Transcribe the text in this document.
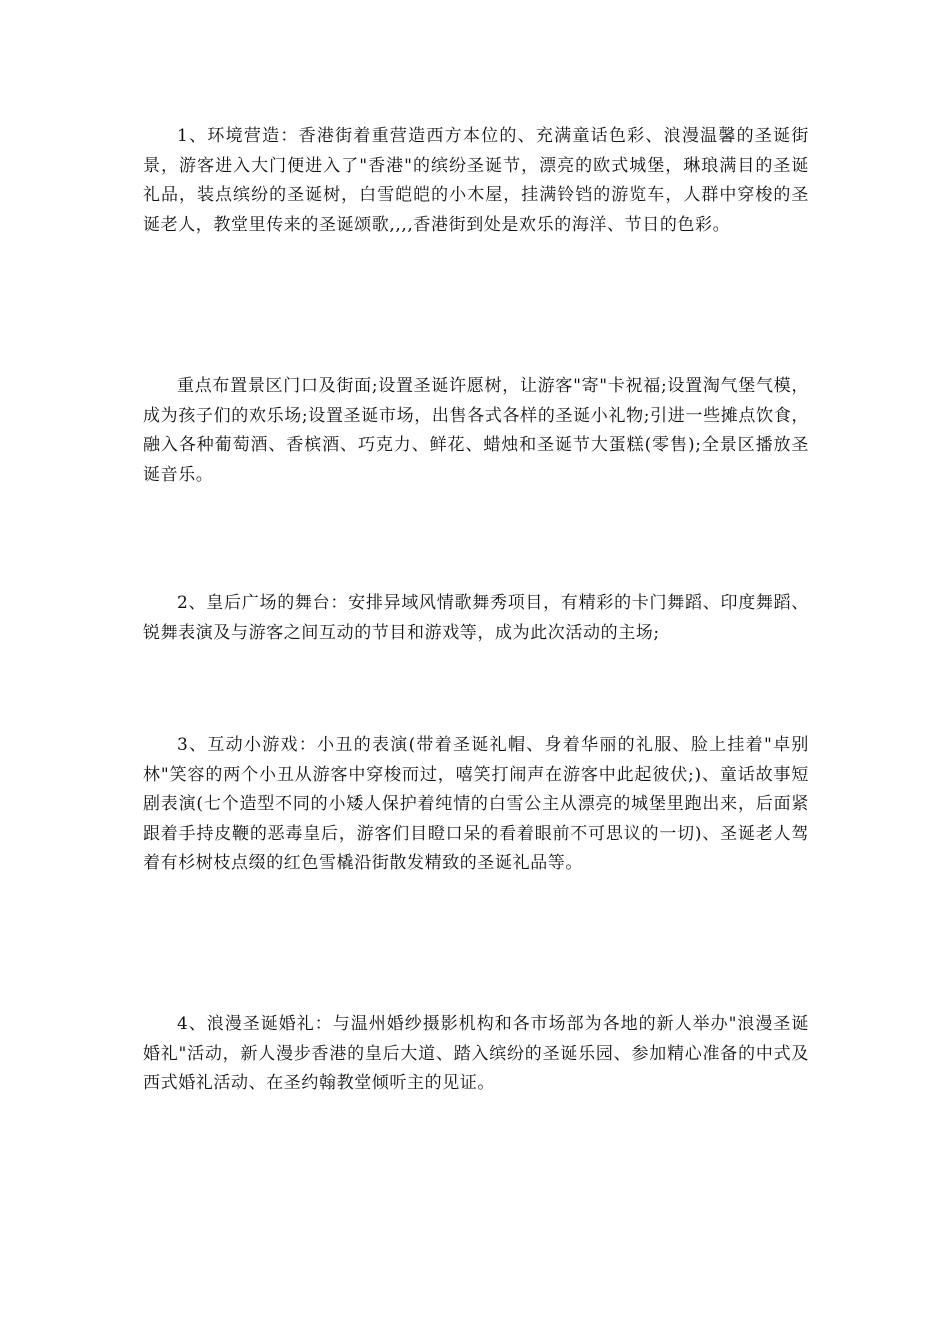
1、环境营造：香港街着重营造西方本位的、充满童话色彩、浪漫温馨的圣诞街景，游客进入大门便进入了"香港"的缤纷圣诞节，漂亮的欧式城堡，琳琅满目的圣诞礼品，装点缤纷的圣诞树，白雪皑皑的小木屋，挂满铃铛的游览车，人群中穿梭的圣诞老人，教堂里传来的圣诞颂歌,,,,香港街到处是欢乐的海洋、节日的色彩。

重点布置景区门口及街面;设置圣诞许愿树，让游客"寄"卡祝福;设置淘气堡气模，成为孩子们的欢乐场;设置圣诞市场，出售各式各样的圣诞小礼物;引进一些摊点饮食，融入各种葡萄酒、香槟酒、巧克力、鲜花、蜡烛和圣诞节大蛋糕(零售);全景区播放圣诞音乐。

2、皇后广场的舞台：安排异域风情歌舞秀项目，有精彩的卡门舞蹈、印度舞蹈、锐舞表演及与游客之间互动的节目和游戏等，成为此次活动的主场;

3、互动小游戏：小丑的表演(带着圣诞礼帽、身着华丽的礼服、脸上挂着"卓别林"笑容的两个小丑从游客中穿梭而过，嘻笑打闹声在游客中此起彼伏;)、童话故事短剧表演(七个造型不同的小矮人保护着纯情的白雪公主从漂亮的城堡里跑出来，后面紧跟着手持皮鞭的恶毒皇后，游客们目瞪口呆的看着眼前不可思议的一切)、圣诞老人驾着有杉树枝点缀的红色雪橇沿街散发精致的圣诞礼品等。

4、浪漫圣诞婚礼：与温州婚纱摄影机构和各市场部为各地的新人举办"浪漫圣诞婚礼"活动，新人漫步香港的皇后大道、踏入缤纷的圣诞乐园、参加精心准备的中式及西式婚礼活动、在圣约翰教堂倾听主的见证。
